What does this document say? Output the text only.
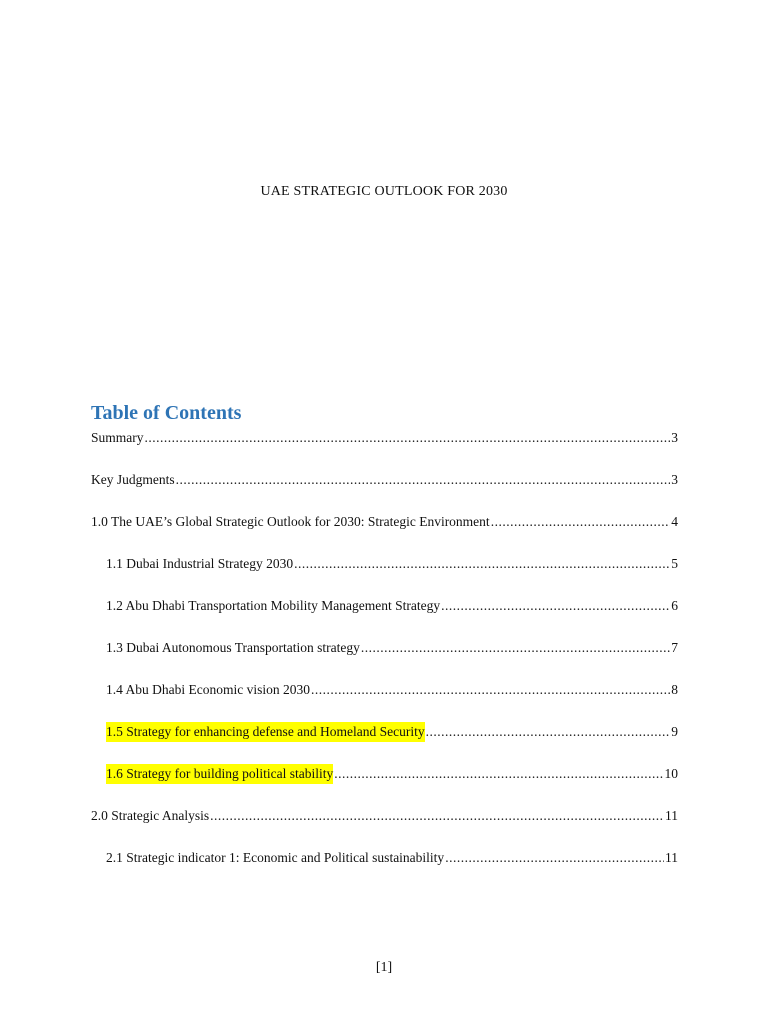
UAE STRATEGIC OUTLOOK FOR 2030
Table of Contents
Summary .....	3
Key Judgments .....	3
1.0 The UAE’s Global Strategic Outlook for 2030: Strategic Environment .....	4
1.1 Dubai Industrial Strategy 2030 .....	5
1.2 Abu Dhabi Transportation Mobility Management Strategy .....	6
1.3 Dubai Autonomous Transportation strategy .....	7
1.4 Abu Dhabi Economic vision 2030 .....	8
1.5 Strategy for enhancing defense and Homeland Security .....	9
1.6 Strategy for building political stability .....	10
2.0 Strategic Analysis .....	11
2.1 Strategic indicator 1: Economic and Political sustainability .....	11
[1]
